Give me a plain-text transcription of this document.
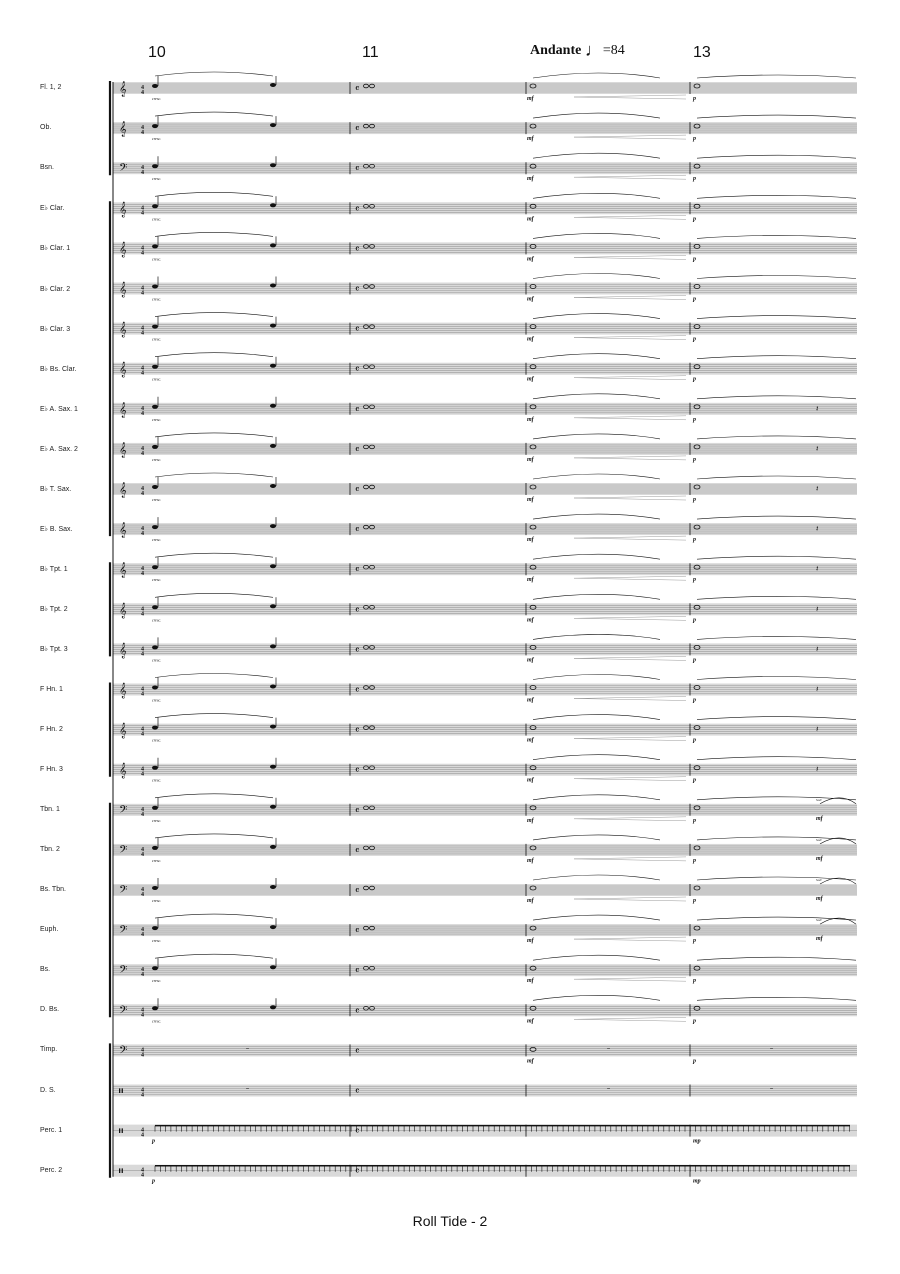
10	11	13
Andante ♩=84
Fl. 1, 2
Ob.
Bsn.
E♭ Clar.
B♭ Clar. 1
B♭ Clar. 2
B♭ Clar. 3
B♭ Bs. Clar.
E♭ A. Sax. 1
E♭ A. Sax. 2
B♭ T. Sax.
E♭ B. Sax.
B♭ Tpt. 1
B♭ Tpt. 2
B♭ Tpt. 3
F Hn. 1
F Hn. 2
F Hn. 3
Tbn. 1
Tbn. 2
Bs. Tbn.
Euph.
Bs.
D. Bs.
Timp.
D. S.
Perc. 1
Perc. 2
𝄞 4
4	𝄴
cresc.	mf	p
𝄞 4
4	𝄴
cresc.	mf	p
𝄢 4
4	𝄴
cresc.	mf	p
𝄞 4
4	𝄴
cresc.	mf	p
𝄞 4
4	𝄴
cresc.	mf	p
𝄞 4
4	𝄴
cresc.	mf	p
𝄞 4
4	𝄴
cresc.	mf	p
𝄞 4
4	𝄴
cresc.	mf	p
𝄞 4
4	𝄴
cresc.	mf	p
𝄽
𝄞 4
4	𝄴
cresc.	mf	p
𝄽
𝄞 4
4	𝄴
cresc.	mf	p
𝄽
𝄞 4
4	𝄴
cresc.	mf	p
𝄽
𝄞 4
4	𝄴
cresc.	mf	p
𝄽
𝄞 4
4	𝄴
cresc.	mf	p
𝄽
𝄞 4
4	𝄴
cresc.	mf	p
𝄽
𝄞 4
4	𝄴
cresc.	mf	p
𝄽
𝄞 4
4	𝄴
cresc.	mf	p
𝄽
𝄞 4
4	𝄴
cresc.	mf	p
𝄽
𝄢 4
4	𝄴
cresc.	mf	p
Soli
mf
𝄢 4
4	𝄴
cresc.	mf	p
Soli
mf
𝄢 4
4	𝄴
cresc.	mf	p
Soli
mf
𝄢 4
4	𝄴
cresc.	mf	p
Soli
mf
𝄢 4
4	𝄴
cresc.	mf	p
𝄢 4
4	𝄴
cresc.	mf	p
𝄢 4
4	𝄴
𝄻	𝄻	𝄻
mf	p
𝄥	4
4	𝄴
𝄻	𝄻	𝄻
𝄥	4
4	𝄴
p	mp
𝄥	4
4	𝄴
p	mp
Roll Tide - 2
